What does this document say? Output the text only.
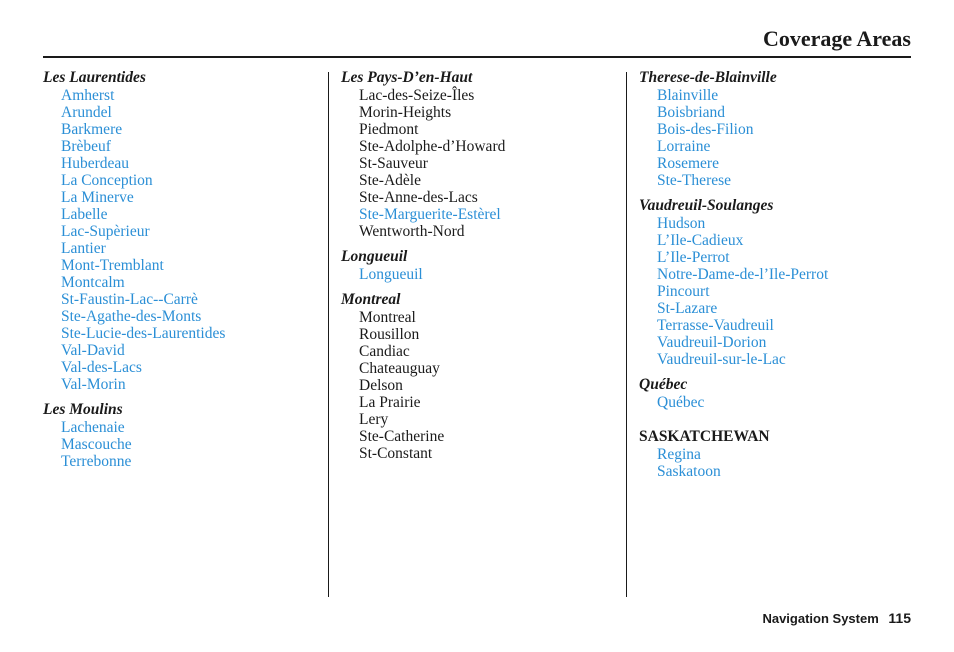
Coverage Areas
Les Laurentides
Amherst
Arundel
Barkmere
Brèbeuf
Huberdeau
La Conception
La Minerve
Labelle
Lac-Supèrieur
Lantier
Mont-Tremblant
Montcalm
St-Faustin-Lac--Carrè
Ste-Agathe-des-Monts
Ste-Lucie-des-Laurentides
Val-David
Val-des-Lacs
Val-Morin
Les Moulins
Lachenaie
Mascouche
Terrebonne
Les Pays-D’en-Haut
Lac-des-Seize-Îles
Morin-Heights
Piedmont
Ste-Adolphe-d’Howard
St-Sauveur
Ste-Adèle
Ste-Anne-des-Lacs
Ste-Marguerite-Estèrel
Wentworth-Nord
Longueuil
Longueuil
Montreal
Montreal
Rousillon
Candiac
Chateauguay
Delson
La Prairie
Lery
Ste-Catherine
St-Constant
Therese-de-Blainville
Blainville
Boisbriand
Bois-des-Filion
Lorraine
Rosemere
Ste-Therese
Vaudreuil-Soulanges
Hudson
L’Ile-Cadieux
L’Ile-Perrot
Notre-Dame-de-l’Ile-Perrot
Pincourt
St-Lazare
Terrasse-Vaudreuil
Vaudreuil-Dorion
Vaudreuil-sur-le-Lac
Québec
Québec
SASKATCHEWAN
Regina
Saskatoon
Navigation System 115
